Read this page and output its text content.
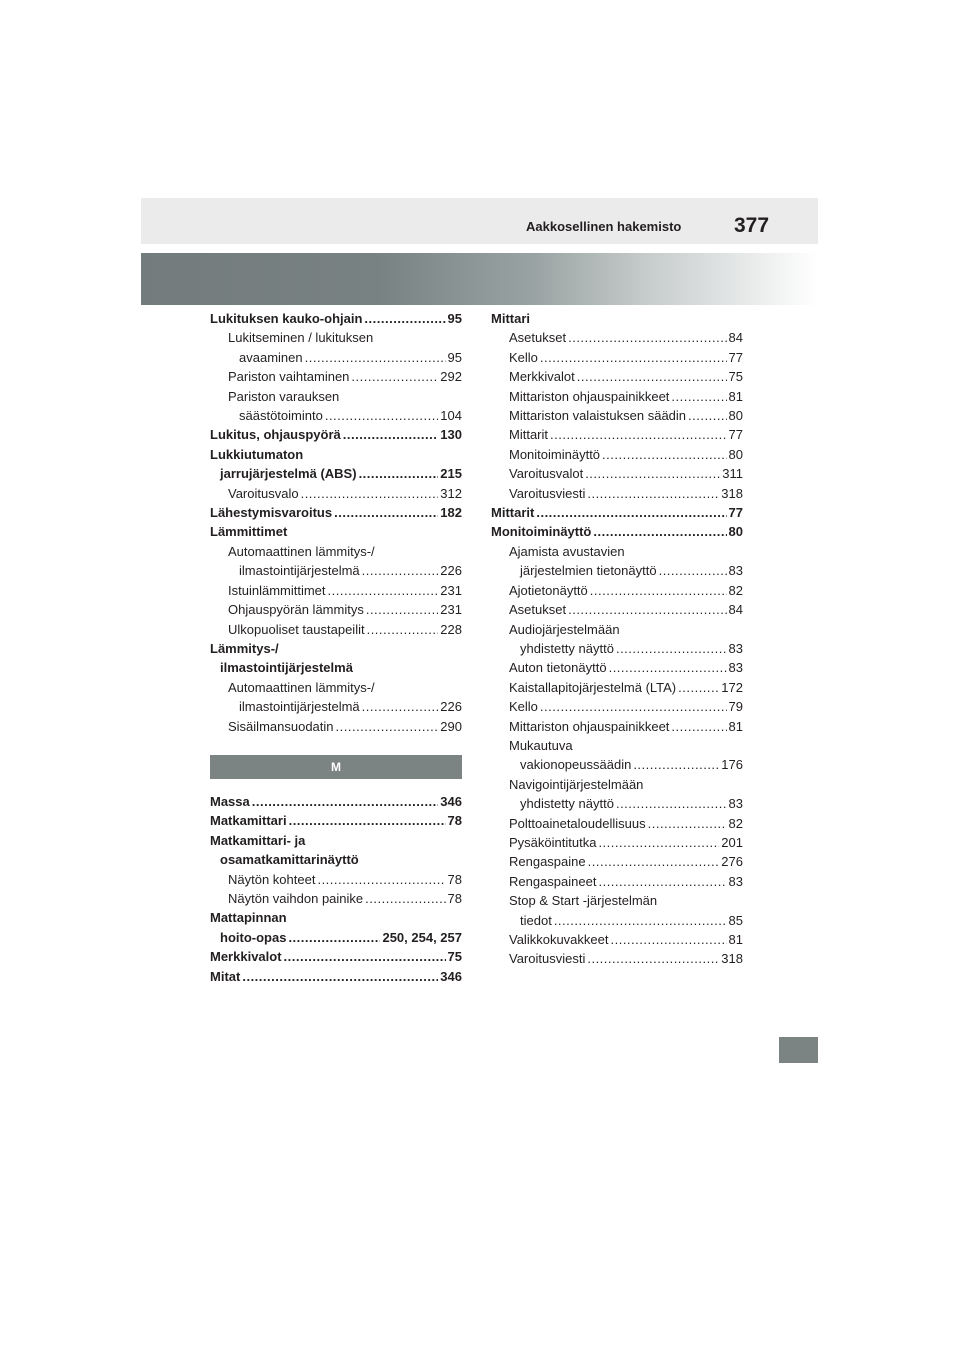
Aakkosellinen hakemisto	377
Lukituksen kauko-ohjain .....	95
Lukitseminen / lukituksen
avaaminen .....	95
Pariston vaihtaminen .....	292
Pariston varauksen
säästötoiminto .....	104
Lukitus, ohjauspyörä .....	130
Lukkiutumaton
jarrujärjestelmä (ABS) .....	215
Varoitusvalo .....	312
Lähestymisvaroitus .....	182
Lämmittimet
Automaattinen lämmitys-/
ilmastointijärjestelmä .....	226
Istuinlämmittimet .....	231
Ohjauspyörän lämmitys .....	231
Ulkopuoliset taustapeilit .....	228
Lämmitys-/
ilmastointijärjestelmä
Automaattinen lämmitys-/
ilmastointijärjestelmä .....	226
Sisäilmansuodatin .....	290
M
Massa .....	346
Matkamittari .....	78
Matkamittari- ja
osamatkamittarinäyttö
Näytön kohteet .....	78
Näytön vaihdon painike .....	78
Mattapinnan
hoito-opas .....	250, 254, 257
Merkkivalot .....	75
Mitat .....	346
Mittari
Asetukset .....	84
Kello .....	77
Merkkivalot .....	75
Mittariston ohjauspainikkeet .....	81
Mittariston valaistuksen säädin .....	80
Mittarit .....	77
Monitoiminäyttö .....	80
Varoitusvalot .....	311
Varoitusviesti .....	318
Mittarit .....	77
Monitoiminäyttö .....	80
Ajamista avustavien
järjestelmien tietonäyttö .....	83
Ajotietonäyttö .....	82
Asetukset .....	84
Audiojärjestelmään
yhdistetty näyttö .....	83
Auton tietonäyttö .....	83
Kaistallapitojärjestelmä (LTA) .....	172
Kello .....	79
Mittariston ohjauspainikkeet .....	81
Mukautuva
vakionopeussäädin .....	176
Navigointijärjestelmään
yhdistetty näyttö .....	83
Polttoainetaloudellisuus .....	82
Pysäköintitutka .....	201
Rengaspaine .....	276
Rengaspaineet .....	83
Stop & Start -järjestelmän
tiedot .....	85
Valikkokuvakkeet .....	81
Varoitusviesti .....	318
